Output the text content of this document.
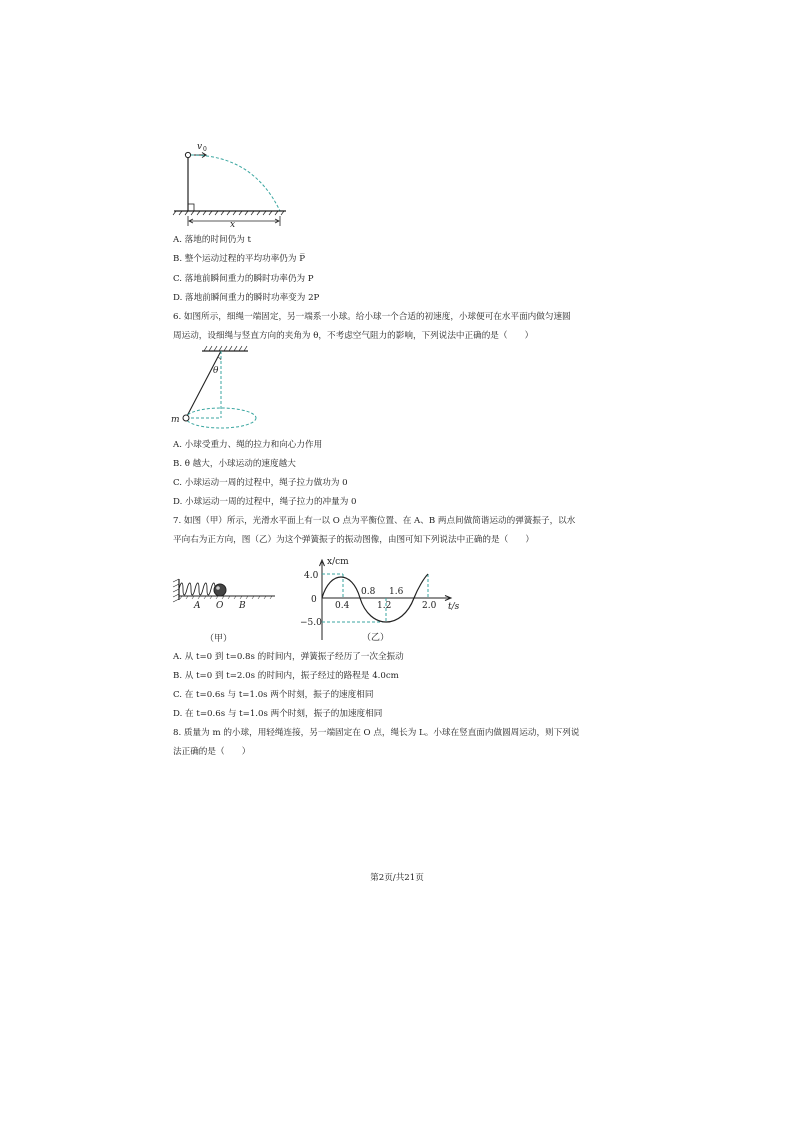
v 0
x
A. 落地的时间仍为 t
B. 整个运动过程的平均功率仍为 P̅
C. 落地前瞬间重力的瞬时功率仍为 P
D. 落地前瞬间重力的瞬时功率变为 2P
6. 如图所示，细绳一端固定，另一端系一小球。给小球一个合适的初速度，小球便可在水平面内做匀速圆
周运动，设细绳与竖直方向的夹角为 θ，不考虑空气阻力的影响，下列说法中正确的是（　　）
θ
m
A. 小球受重力、绳的拉力和向心力作用
B. θ 越大，小球运动的速度越大
C. 小球运动一周的过程中，绳子拉力做功为 0
D. 小球运动一周的过程中，绳子拉力的冲量为 0
7. 如图（甲）所示，光滑水平面上有一以 O 点为平衡位置、在 A、B 两点间做简谐运动的弹簧振子，以水
平向右为正方向，图（乙）为这个弹簧振子的振动图像，由图可知下列说法中正确的是（　　）
A O B
（甲）
x/cm
t/s
0
4.0
−5.0
0.4
0.8
1.2
1.6
2.0
（乙）
A. 从 t=0 到 t=0.8s 的时间内，弹簧振子经历了一次全振动
B. 从 t=0 到 t=2.0s 的时间内，振子经过的路程是 4.0cm
C. 在 t=0.6s 与 t=1.0s 两个时刻，振子的速度相同
D. 在 t=0.6s 与 t=1.0s 两个时刻，振子的加速度相同
8. 质量为 m 的小球，用轻绳连接，另一端固定在 O 点，绳长为 L。小球在竖直面内做圆周运动，则下列说
法正确的是（　　）
第2页/共21页
